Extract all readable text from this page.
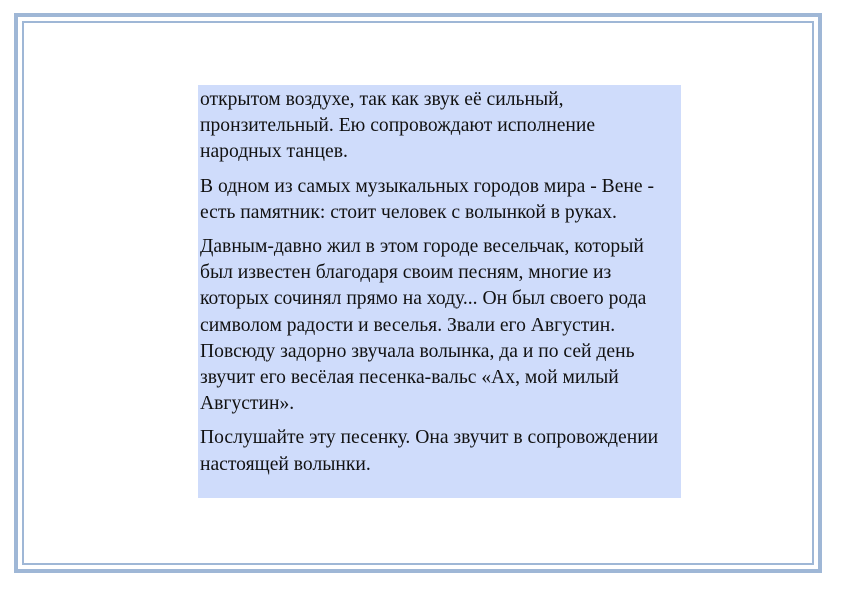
открытом воздухе, так как звук её сильный, пронзительный. Ею сопровождают исполнение народных танцев.

В одном из самых музыкальных городов мира - Вене - есть памятник: стоит человек с волынкой в руках.

Давным-давно жил в этом городе весельчак, который был известен благодаря своим песням, многие из которых сочинял прямо на ходу... Он был своего рода символом радости и веселья. Звали его Августин. Повсюду задорно звучала волынка, да и по сей день звучит его весёлая песенка-вальс «Ах, мой милый Августин».

Послушайте эту песенку. Она звучит в сопровождении настоящей волынки.
